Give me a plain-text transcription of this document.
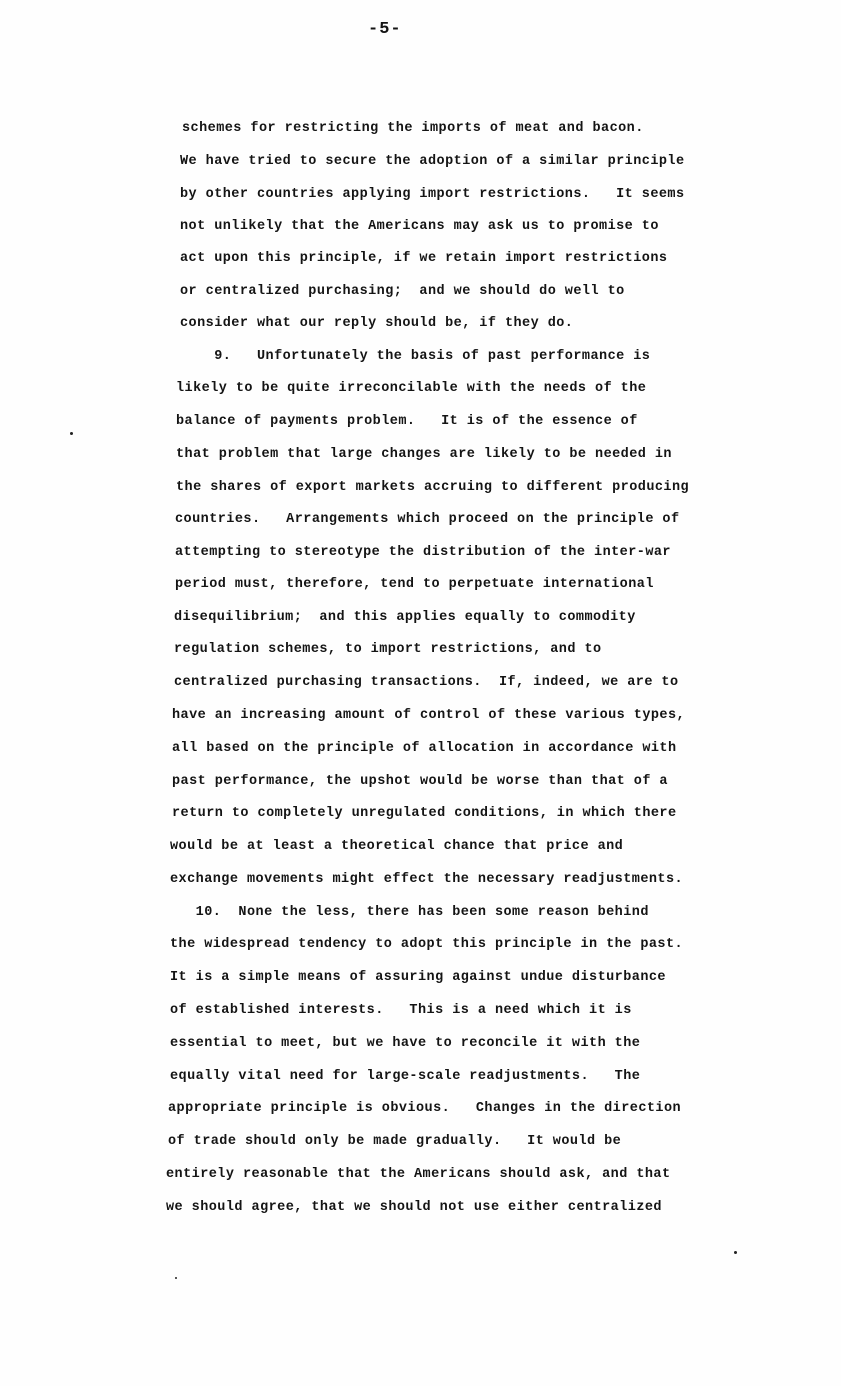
-5-
schemes for restricting the imports of meat and bacon.
We have tried to secure the adoption of a similar principle
by other countries applying import restrictions.   It seems
not unlikely that the Americans may ask us to promise to
act upon this principle, if we retain import restrictions
or centralized purchasing;  and we should do well to
consider what our reply should be, if they do.
9.   Unfortunately the basis of past performance is
likely to be quite irreconcilable with the needs of the
balance of payments problem.   It is of the essence of
that problem that large changes are likely to be needed in
the shares of export markets accruing to different producing
countries.   Arrangements which proceed on the principle of
attempting to stereotype the distribution of the inter-war
period must, therefore, tend to perpetuate international
disequilibrium;  and this applies equally to commodity
regulation schemes, to import restrictions, and to
centralized purchasing transactions.  If, indeed, we are to
have an increasing amount of control of these various types,
all based on the principle of allocation in accordance with
past performance, the upshot would be worse than that of a
return to completely unregulated conditions, in which there
would be at least a theoretical chance that price and
exchange movements might effect the necessary readjustments.
10.  None the less, there has been some reason behind
the widespread tendency to adopt this principle in the past.
It is a simple means of assuring against undue disturbance
of established interests.   This is a need which it is
essential to meet, but we have to reconcile it with the
equally vital need for large-scale readjustments.   The
appropriate principle is obvious.   Changes in the direction
of trade should only be made gradually.   It would be
entirely reasonable that the Americans should ask, and that
we should agree, that we should not use either centralized
